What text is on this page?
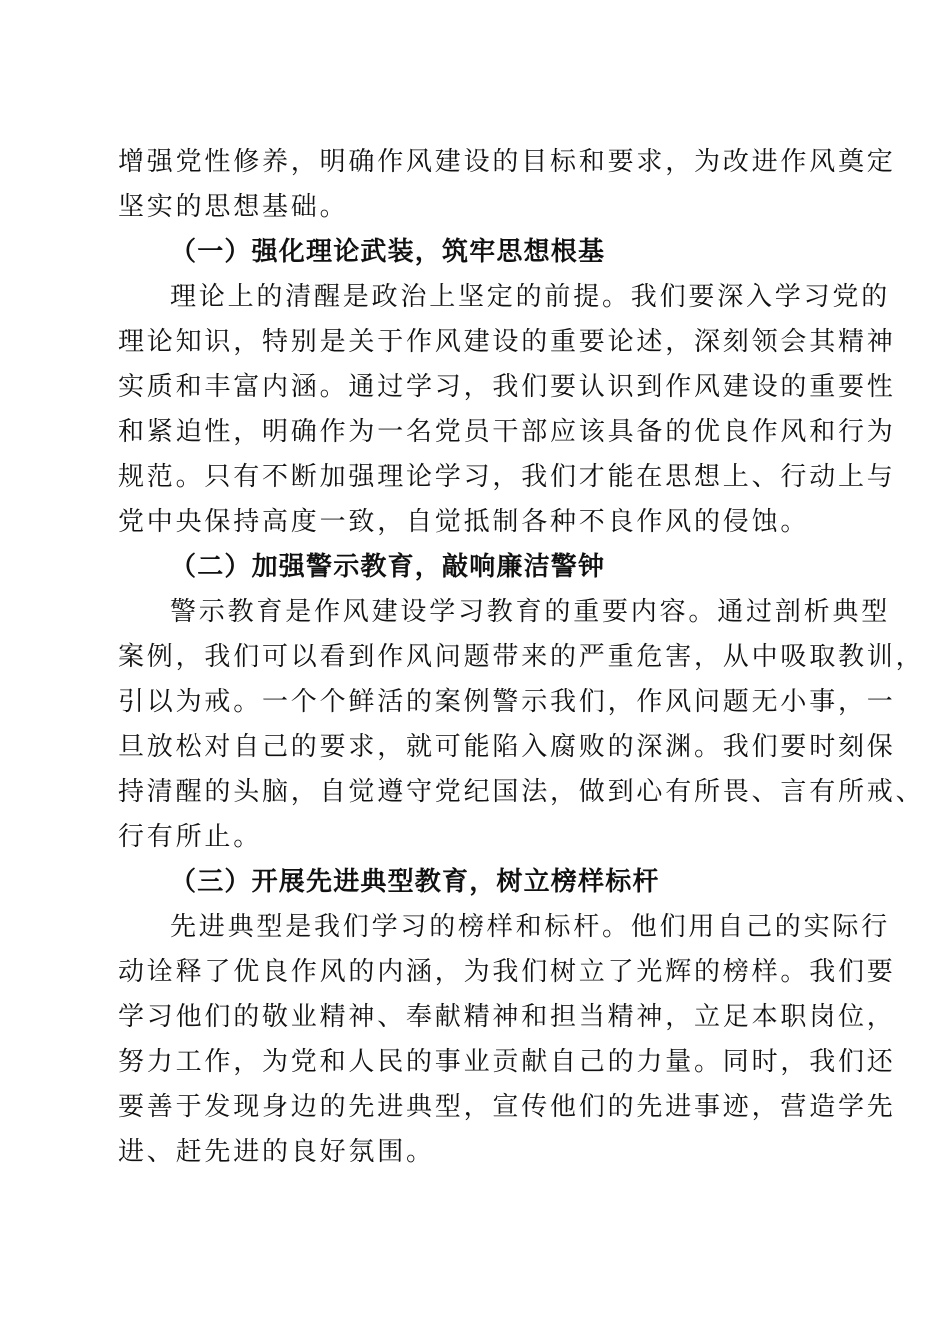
增强党性修养，明确作风建设的目标和要求，为改进作风奠定
坚实的思想基础。
（一）强化理论武装，筑牢思想根基
理论上的清醒是政治上坚定的前提。我们要深入学习党的
理论知识，特别是关于作风建设的重要论述，深刻领会其精神
实质和丰富内涵。通过学习，我们要认识到作风建设的重要性
和紧迫性，明确作为一名党员干部应该具备的优良作风和行为
规范。只有不断加强理论学习，我们才能在思想上、行动上与
党中央保持高度一致，自觉抵制各种不良作风的侵蚀。
（二）加强警示教育，敲响廉洁警钟
警示教育是作风建设学习教育的重要内容。通过剖析典型
案例，我们可以看到作风问题带来的严重危害，从中吸取教训，
引以为戒。一个个鲜活的案例警示我们，作风问题无小事，一
旦放松对自己的要求，就可能陷入腐败的深渊。我们要时刻保
持清醒的头脑，自觉遵守党纪国法，做到心有所畏、言有所戒、
行有所止。
（三）开展先进典型教育，树立榜样标杆
先进典型是我们学习的榜样和标杆。他们用自己的实际行
动诠释了优良作风的内涵，为我们树立了光辉的榜样。我们要
学习他们的敬业精神、奉献精神和担当精神，立足本职岗位，
努力工作，为党和人民的事业贡献自己的力量。同时，我们还
要善于发现身边的先进典型，宣传他们的先进事迹，营造学先
进、赶先进的良好氛围。
